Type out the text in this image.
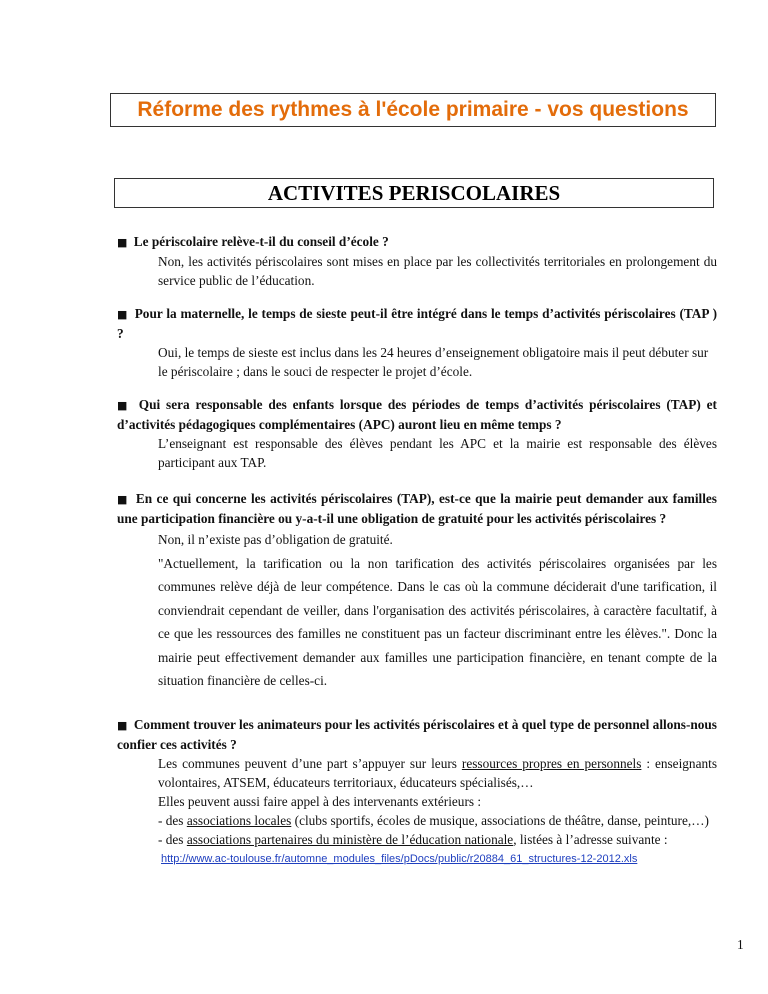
Réforme des rythmes à l'école primaire - vos questions
ACTIVITES PERISCOLAIRES

■ Le périscolaire relève-t-il du conseil d’école ?

Non, les activités périscolaires sont mises en place par les collectivités territoriales en prolongement du service public de l’éducation.

■ Pour la maternelle, le temps de sieste peut-il être intégré dans le temps d’activités périscolaires (TAP ) ?

Oui, le temps de sieste est inclus dans les 24 heures d’enseignement obligatoire mais il peut débuter sur le périscolaire ; dans le souci de respecter le projet d’école.

■ Qui sera responsable des enfants lorsque des périodes de temps d’activités périscolaires (TAP) et d’activités pédagogiques complémentaires (APC) auront lieu en même temps ?

L’enseignant est responsable des élèves pendant les APC et la mairie est responsable des élèves participant aux TAP.

■ En ce qui concerne les activités périscolaires (TAP), est-ce que la mairie peut demander aux familles une participation financière ou y-a-t-il une obligation de gratuité pour les activités périscolaires ?

Non, il n’existe pas d’obligation de gratuité.

"Actuellement, la tarification ou la non tarification des activités périscolaires organisées par les communes relève déjà de leur compétence. Dans le cas où la commune déciderait d'une tarification, il conviendrait cependant de veiller, dans l'organisation des activités périscolaires, à caractère facultatif, à ce que les ressources des familles ne constituent pas un facteur discriminant entre les élèves.". Donc la mairie peut effectivement demander aux familles une participation financière, en tenant compte de la situation financière de celles-ci.

■ Comment trouver les animateurs pour les activités périscolaires et à quel type de personnel allons-nous confier ces activités ?

Les communes peuvent d’une part s’appuyer sur leurs ressources propres en personnels : enseignants volontaires, ATSEM, éducateurs territoriaux, éducateurs spécialisés,…

Elles peuvent aussi faire appel à des intervenants extérieurs :

- des associations locales (clubs sportifs, écoles de musique, associations de théâtre, danse, peinture,…)

- des associations partenaires du ministère de l’éducation nationale, listées à l’adresse suivante :

http://www.ac-toulouse.fr/automne_modules_files/pDocs/public/r20884_61_structures-12-2012.xls
1
